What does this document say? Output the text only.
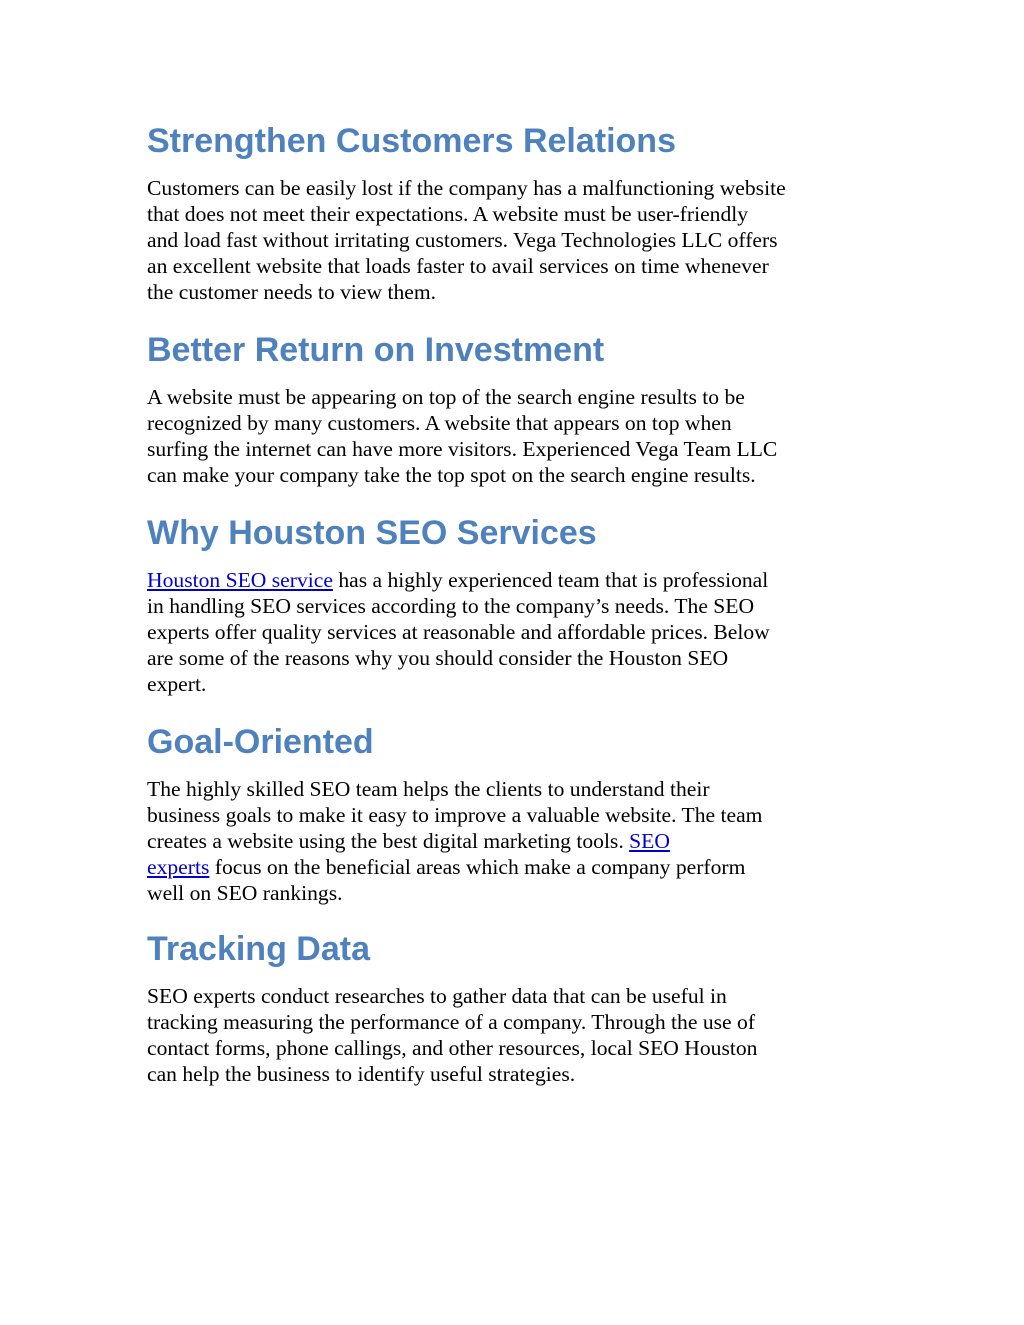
Strengthen Customers Relations

Customers can be easily lost if the company has a malfunctioning website
that does not meet their expectations. A website must be user-friendly
and load fast without irritating customers. Vega Technologies LLC offers
an excellent website that loads faster to avail services on time whenever
the customer needs to view them.

Better Return on Investment

A website must be appearing on top of the search engine results to be
recognized by many customers. A website that appears on top when
surfing the internet can have more visitors. Experienced Vega Team LLC
can make your company take the top spot on the search engine results.

Why Houston SEO Services

Houston SEO service has a highly experienced team that is professional
in handling SEO services according to the company’s needs. The SEO
experts offer quality services at reasonable and affordable prices. Below
are some of the reasons why you should consider the Houston SEO
expert.

Goal-Oriented

The highly skilled SEO team helps the clients to understand their
business goals to make it easy to improve a valuable website. The team
creates a website using the best digital marketing tools. SEO
experts focus on the beneficial areas which make a company perform
well on SEO rankings.

Tracking Data

SEO experts conduct researches to gather data that can be useful in
tracking measuring the performance of a company. Through the use of
contact forms, phone callings, and other resources, local SEO Houston
can help the business to identify useful strategies.
